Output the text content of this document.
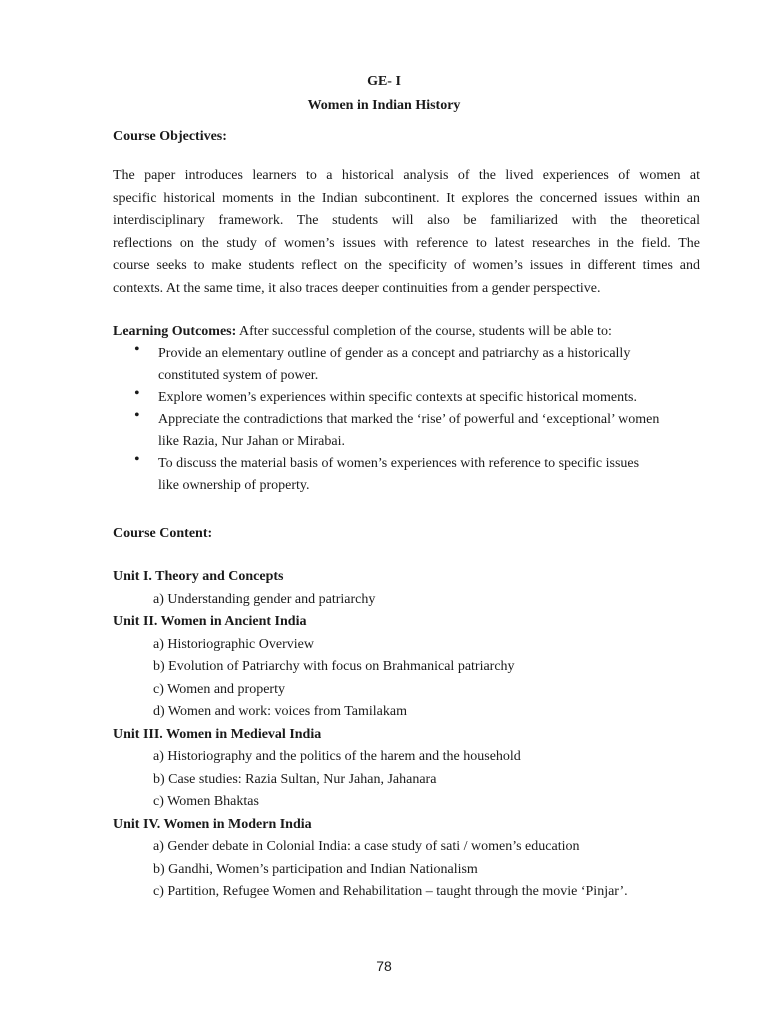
GE- I
Women in Indian History
Course Objectives:
The paper introduces learners to a historical analysis of the lived experiences of women at
specific historical moments in the Indian subcontinent. It explores the concerned issues within an
interdisciplinary framework. The students will also be familiarized with the theoretical
reflections on the study of women’s issues with reference to latest researches in the field. The
course seeks to make students reflect on the specificity of women’s issues in different times and
contexts. At the same time, it also traces deeper continuities from a gender perspective.
Learning Outcomes: After successful completion of the course, students will be able to:
• Provide an elementary outline of gender as a concept and patriarchy as a historically
constituted system of power.
• Explore women’s experiences within specific contexts at specific historical moments.
• Appreciate the contradictions that marked the ‘rise’ of powerful and ‘exceptional’ women
like Razia, Nur Jahan or Mirabai.
• To discuss the material basis of women’s experiences with reference to specific issues
like ownership of property.
Course Content:
Unit I. Theory and Concepts
a) Understanding gender and patriarchy
Unit II. Women in Ancient India
a) Historiographic Overview
b) Evolution of Patriarchy with focus on Brahmanical patriarchy
c) Women and property
d) Women and work: voices from Tamilakam
Unit III. Women in Medieval India
a) Historiography and the politics of the harem and the household
b) Case studies: Razia Sultan, Nur Jahan, Jahanara
c) Women Bhaktas
Unit IV. Women in Modern India
a) Gender debate in Colonial India: a case study of sati / women’s education
b) Gandhi, Women’s participation and Indian Nationalism
c) Partition, Refugee Women and Rehabilitation – taught through the movie ‘Pinjar’.
78
